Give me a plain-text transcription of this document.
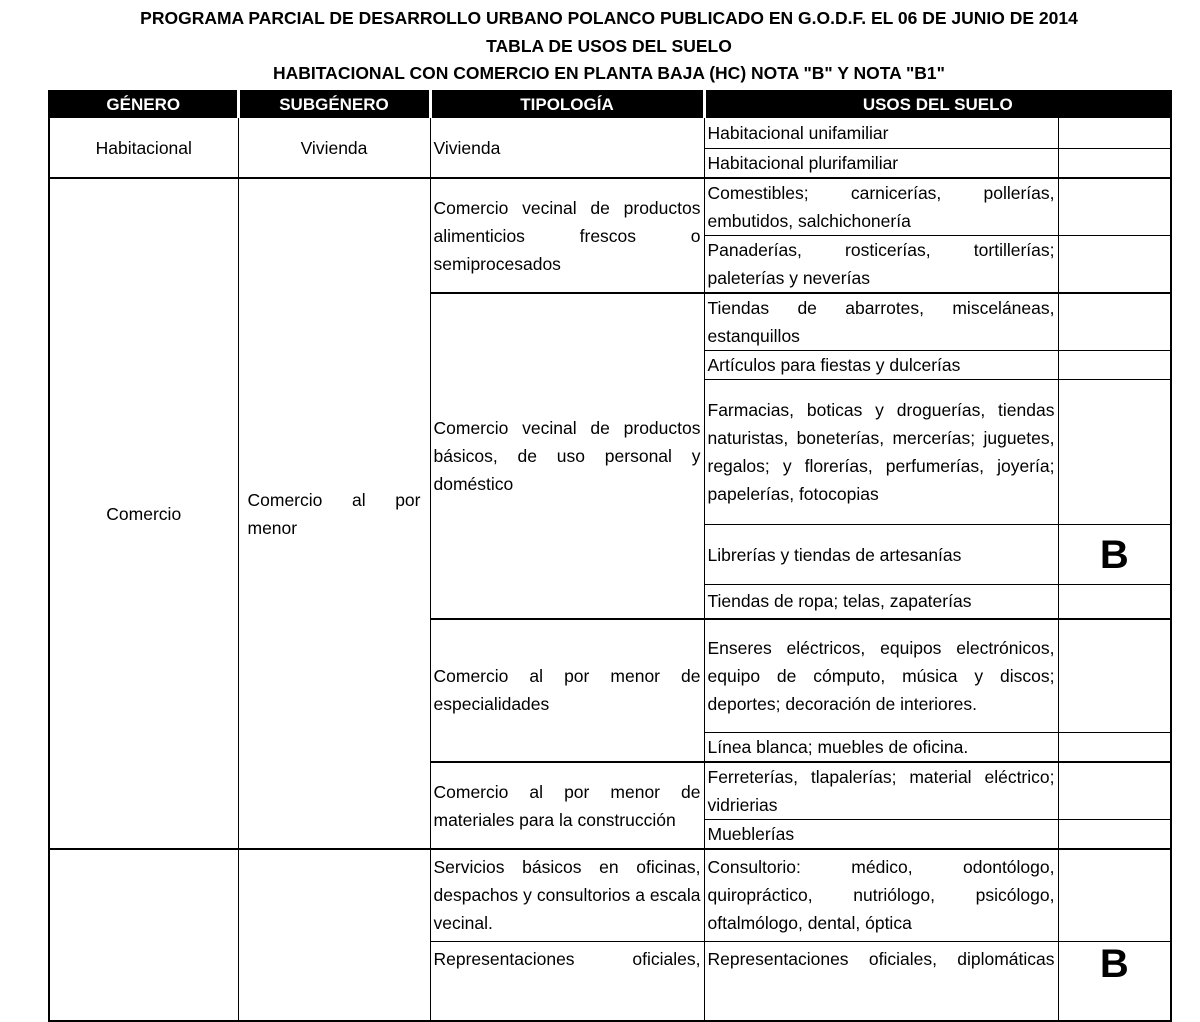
PROGRAMA PARCIAL DE DESARROLLO URBANO POLANCO PUBLICADO EN G.O.D.F. EL 06 DE JUNIO DE 2014
TABLA DE USOS DEL SUELO
HABITACIONAL CON COMERCIO EN PLANTA BAJA (HC) NOTA "B" Y NOTA "B1"
GÉNERO	SUBGÉNERO	TIPOLOGÍA	USOS DEL SUELO	
Habitacional	Vivienda	Vivienda	Habitacional unifamiliar	
			Habitacional plurifamiliar	
Comercio	Comercio al por menor	Comercio vecinal de productos alimenticios frescos o semiprocesados	Comestibles; carnicerías, pollerías, embutidos, salchichonería	
			Panaderías, rosticerías, tortillerías; paleterías y neverías	
		Comercio vecinal de productos básicos, de uso personal y doméstico	Tiendas de abarrotes, misceláneas, estanquillos	
			Artículos para fiestas y dulcerías	
			Farmacias, boticas y droguerías, tiendas naturistas, boneterías, mercerías; juguetes, regalos; y florerías, perfumerías, joyería; papelerías, fotocopias	
			Librerías y tiendas de artesanías	B
			Tiendas de ropa; telas, zapaterías	
		Comercio al por menor de especialidades	Enseres eléctricos, equipos electrónicos, equipo de cómputo, música y discos; deportes; decoración de interiores.	
			Línea blanca; muebles de oficina.	
		Comercio al por menor de materiales para la construcción	Ferreterías, tlapalerías; material eléctrico; vidrierias	
			Mueblerías	
		Servicios básicos en oficinas, despachos y consultorios a escala vecinal.	Consultorio: médico, odontólogo, quiropráctico, nutriólogo, psicólogo, oftalmólogo, dental, óptica	
		Representaciones oficiales,	Representaciones oficiales, diplomáticas	B
